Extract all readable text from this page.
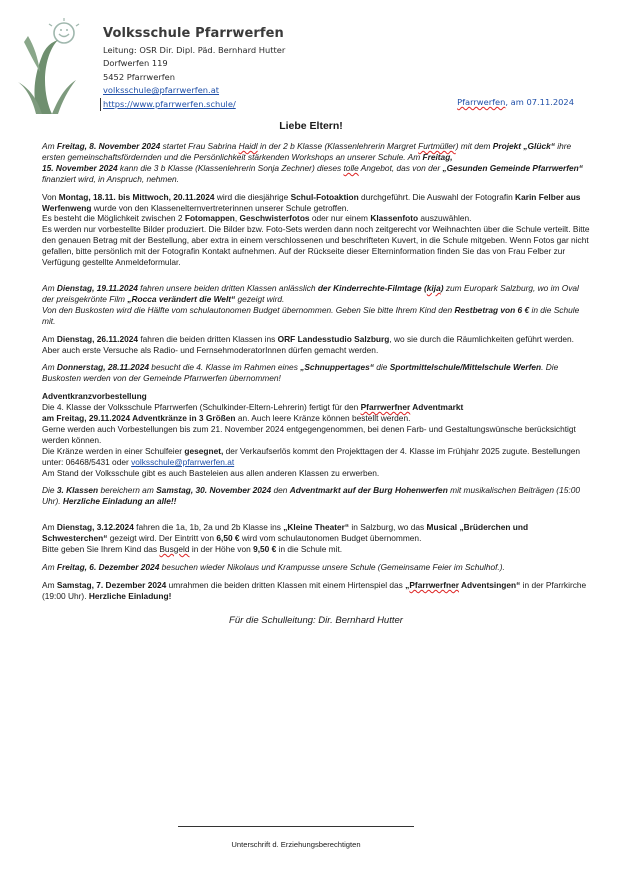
Volksschule Pfarrwerfen
Leitung: OSR Dir. Dipl. Päd. Bernhard Hutter
Dorfwerfen 119
5452 Pfarrwerfen
volksschule@pfarrwerfen.at
https://www.pfarrwerfen.schule/	Pfarrwerfen, am 07.11.2024
Liebe Eltern!

Am Freitag, 8. November 2024 startet Frau Sabrina Haidl in der 2 b Klasse (Klassenlehrerin Margret Furtmüller) mit dem Projekt „Glück“ ihre ersten gemeinschaftsfördernden und die Persönlichkeit stärkenden Workshops an unserer Schule. Am Freitag,
15. November 2024 kann die 3 b Klasse (Klassenlehrerin Sonja Zechner) dieses tolle Angebot, das von der „Gesunden Gemeinde Pfarrwerfen“ finanziert wird, in Anspruch, nehmen.

Von Montag, 18.11. bis Mittwoch, 20.11.2024 wird die diesjährige Schul-Fotoaktion durchgeführt. Die Auswahl der Fotografin Karin Felber aus Werfenweng wurde von den Klassenelternvertreterinnen unserer Schule getroffen.
Es besteht die Möglichkeit zwischen 2 Fotomappen, Geschwisterfotos oder nur einem Klassenfoto auszuwählen.
Es werden nur vorbestellte Bilder produziert. Die Bilder bzw. Foto-Sets werden dann noch zeitgerecht vor Weihnachten über die Schule verteilt. Bitte den genauen Betrag mit der Bestellung, aber extra in einem verschlossenen und beschrifteten Kuvert, in die Schule mitgeben. Wenn Fotos gar nicht gefallen, bitte persönlich mit der Fotografin Kontakt aufnehmen. Auf der Rückseite dieser Elterninformation finden Sie das von Frau Felber zur Verfügung gestellte Anmeldeformular.

Am Dienstag, 19.11.2024 fahren unsere beiden dritten Klassen anlässlich der Kinderrechte-Filmtage (kija) zum Europark Salzburg, wo im Oval der preisgekrönte Film „Rocca verändert die Welt“ gezeigt wird.
Von den Buskosten wird die Hälfte vom schulautonomen Budget übernommen. Geben Sie bitte Ihrem Kind den Restbetrag von 6 € in die Schule mit.

Am Dienstag, 26.11.2024 fahren die beiden dritten Klassen ins ORF Landesstudio Salzburg, wo sie durch die Räumlichkeiten geführt werden. Aber auch erste Versuche als Radio- und FernsehmoderatorInnen dürfen gemacht werden.

Am Donnerstag, 28.11.2024 besucht die 4. Klasse im Rahmen eines „Schnuppertages“ die Sportmittelschule/Mittelschule Werfen. Die Buskosten werden von der Gemeinde Pfarrwerfen übernommen!

Adventkranzvorbestellung
Die 4. Klasse der Volksschule Pfarrwerfen (Schulkinder-Eltern-Lehrerin) fertigt für den Pfarrwerfner Adventmarkt
am Freitag, 29.11.2024 Adventkränze in 3 Größen an. Auch leere Kränze können bestellt werden.
Gerne werden auch Vorbestellungen bis zum 21. November 2024 entgegengenommen, bei denen Farb- und Gestaltungswünsche berücksichtigt werden können.
Die Kränze werden in einer Schulfeier gesegnet, der Verkaufserlös kommt den Projekttagen der 4. Klasse im Frühjahr 2025 zugute. Bestellungen unter: 06468/5431 oder volksschule@pfarrwerfen.at
Am Stand der Volksschule gibt es auch Basteleien aus allen anderen Klassen zu erwerben.

Die 3. Klassen bereichern am Samstag, 30. November 2024 den Adventmarkt auf der Burg Hohenwerfen mit musikalischen Beiträgen (15:00 Uhr). Herzliche Einladung an alle!!

Am Dienstag, 3.12.2024 fahren die 1a, 1b, 2a und 2b Klasse ins „Kleine Theater“ in Salzburg, wo das Musical „Brüderchen und Schwesterchen“ gezeigt wird. Der Eintritt von 6,50 € wird vom schulautonomen Budget übernommen.
Bitte geben Sie Ihrem Kind das Busgeld in der Höhe von 9,50 € in die Schule mit.

Am Freitag, 6. Dezember 2024 besuchen wieder Nikolaus und Krampusse unsere Schule (Gemeinsame Feier im Schulhof.).

Am Samstag, 7. Dezember 2024 umrahmen die beiden dritten Klassen mit einem Hirtenspiel das „Pfarrwerfner Adventsingen“ in der Pfarrkirche (19:00 Uhr). Herzliche Einladung!

Für die Schulleitung: Dir. Bernhard Hutter

Unterschrift d. Erziehungsberechtigten
